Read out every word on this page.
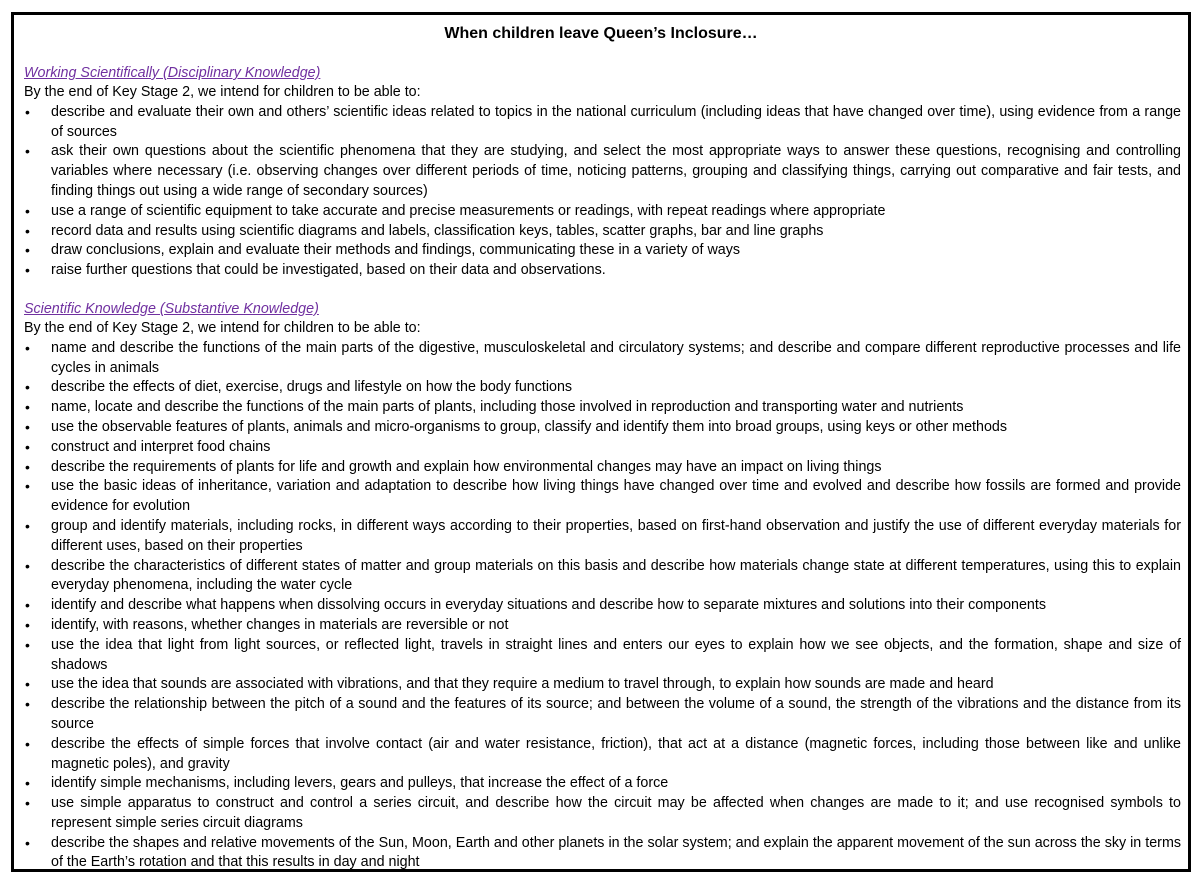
When children leave Queen’s Inclosure…
Working Scientifically (Disciplinary Knowledge)
By the end of Key Stage 2, we intend for children to be able to:
• describe and evaluate their own and others’ scientific ideas related to topics in the national curriculum (including ideas that have changed over time), using evidence from a range of sources
• ask their own questions about the scientific phenomena that they are studying, and select the most appropriate ways to answer these questions, recognising and controlling variables where necessary (i.e. observing changes over different periods of time, noticing patterns, grouping and classifying things, carrying out comparative and fair tests, and finding things out using a wide range of secondary sources)
• use a range of scientific equipment to take accurate and precise measurements or readings, with repeat readings where appropriate
• record data and results using scientific diagrams and labels, classification keys, tables, scatter graphs, bar and line graphs
• draw conclusions, explain and evaluate their methods and findings, communicating these in a variety of ways
• raise further questions that could be investigated, based on their data and observations.
Scientific Knowledge (Substantive Knowledge)
By the end of Key Stage 2, we intend for children to be able to:
• name and describe the functions of the main parts of the digestive, musculoskeletal and circulatory systems; and describe and compare different reproductive processes and life cycles in animals
• describe the effects of diet, exercise, drugs and lifestyle on how the body functions
• name, locate and describe the functions of the main parts of plants, including those involved in reproduction and transporting water and nutrients
• use the observable features of plants, animals and micro-organisms to group, classify and identify them into broad groups, using keys or other methods
• construct and interpret food chains
• describe the requirements of plants for life and growth and explain how environmental changes may have an impact on living things
• use the basic ideas of inheritance, variation and adaptation to describe how living things have changed over time and evolved and describe how fossils are formed and provide evidence for evolution
• group and identify materials, including rocks, in different ways according to their properties, based on first-hand observation and justify the use of different everyday materials for different uses, based on their properties
• describe the characteristics of different states of matter and group materials on this basis and describe how materials change state at different temperatures, using this to explain everyday phenomena, including the water cycle
• identify and describe what happens when dissolving occurs in everyday situations and describe how to separate mixtures and solutions into their components
• identify, with reasons, whether changes in materials are reversible or not
• use the idea that light from light sources, or reflected light, travels in straight lines and enters our eyes to explain how we see objects, and the formation, shape and size of shadows
• use the idea that sounds are associated with vibrations, and that they require a medium to travel through, to explain how sounds are made and heard
• describe the relationship between the pitch of a sound and the features of its source; and between the volume of a sound, the strength of the vibrations and the distance from its source
• describe the effects of simple forces that involve contact (air and water resistance, friction), that act at a distance (magnetic forces, including those between like and unlike magnetic poles), and gravity
• identify simple mechanisms, including levers, gears and pulleys, that increase the effect of a force
• use simple apparatus to construct and control a series circuit, and describe how the circuit may be affected when changes are made to it; and use recognised symbols to represent simple series circuit diagrams
• describe the shapes and relative movements of the Sun, Moon, Earth and other planets in the solar system; and explain the apparent movement of the sun across the sky in terms of the Earth’s rotation and that this results in day and night
